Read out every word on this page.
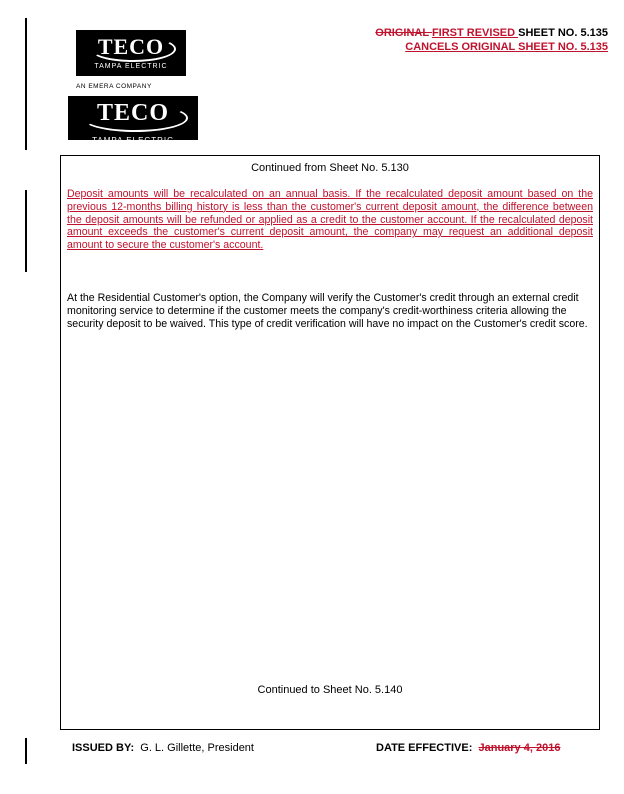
TECO
TAMPA ELECTRIC
AN EMERA COMPANY
TECO
TAMPA ELECTRIC
ORIGINAL FIRST REVISED SHEET NO. 5.135
CANCELS ORIGINAL SHEET NO. 5.135
Continued from Sheet No. 5.130
Deposit amounts will be recalculated on an annual basis. If the recalculated deposit amount based on the previous 12-months billing history is less than the customer's current deposit amount, the difference between the deposit amounts will be refunded or applied as a credit to the customer account. If the recalculated deposit amount exceeds the customer's current deposit amount, the company may request an additional deposit amount to secure the customer's account.
At the Residential Customer's option, the Company will verify the Customer's credit through an external credit monitoring service to determine if the customer meets the company's credit-worthiness criteria allowing the security deposit to be waived. This type of credit verification will have no impact on the Customer's credit score.
Continued to Sheet No. 5.140
ISSUED BY: G. L. Gillette, President	DATE EFFECTIVE: January 4, 2016
